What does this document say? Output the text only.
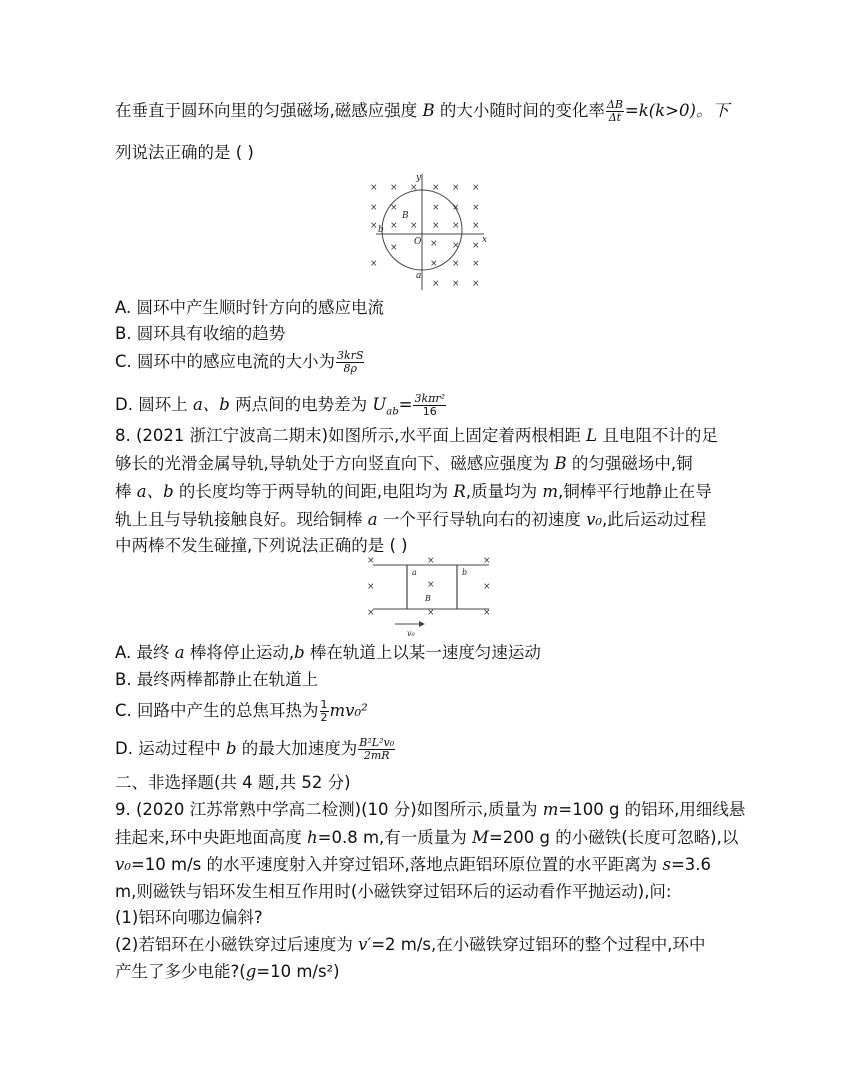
在垂直于圆环向里的匀强磁场,磁感应强度 B 的大小随时间的变化率 $\frac{\Delta B}{\Delta t} =k(k>0)$。下
列说法正确的是 ( )
× × × × × ×
× ×	× × ×
× × × × × ×
×	× × ×
×	× × ×
× × ×
y
x
B
b
O
a
A. 圆环中产生顺时针方向的感应电流
B. 圆环具有收缩的趋势
C. 圆环中的感应电流的大小为 $\frac{\text{3krS}}{8\rho}$
D. 圆环上 a、b 两点间的电势差为 $U_{ab}= \frac{\text{3kπr²}}{16}$
8. (2021 浙江宁波高二期末)如图所示,水平面上固定着两根相距 L 且电阻不计的足
够长的光滑金属导轨,导轨处于方向竖直向下、磁感应强度为 B 的匀强磁场中,铜
棒 a、b 的长度均等于两导轨的间距,电阻均为 R,质量均为 m,铜棒平行地静止在导
轨上且与导轨接触良好。现给铜棒 a 一个平行导轨向右的初速度 v₀,此后运动过程
中两棒不发生碰撞,下列说法正确的是 ( )
×	×	×
×	×	×
×	×	×
a	b
B
v₀
A. 最终 a 棒将停止运动,b 棒在轨道上以某一速度匀速运动
B. 最终两棒都静止在轨道上
C. 回路中产生的总焦耳热为 $\frac{1}{2} mv_0^2$
D. 运动过程中 b 的最大加速度为 $\frac{\text{B²L²v₀}}{2mR}$
二、非选择题(共 4 题,共 52 分)
9. (2020 江苏常熟中学高二检测)(10 分)如图所示,质量为 m=100 g 的铝环,用细线悬
挂起来,环中央距地面高度 h=0.8 m,有一质量为 M=200 g 的小磁铁(长度可忽略),以
v₀=10 m/s 的水平速度射入并穿过铝环,落地点距铝环原位置的水平距离为 s=3.6
m,则磁铁与铝环发生相互作用时(小磁铁穿过铝环后的运动看作平抛运动),问:
(1)铝环向哪边偏斜?
(2)若铝环在小磁铁穿过后速度为 v′=2 m/s,在小磁铁穿过铝环的整个过程中,环中
产生了多少电能?(g=10 m/s²)
